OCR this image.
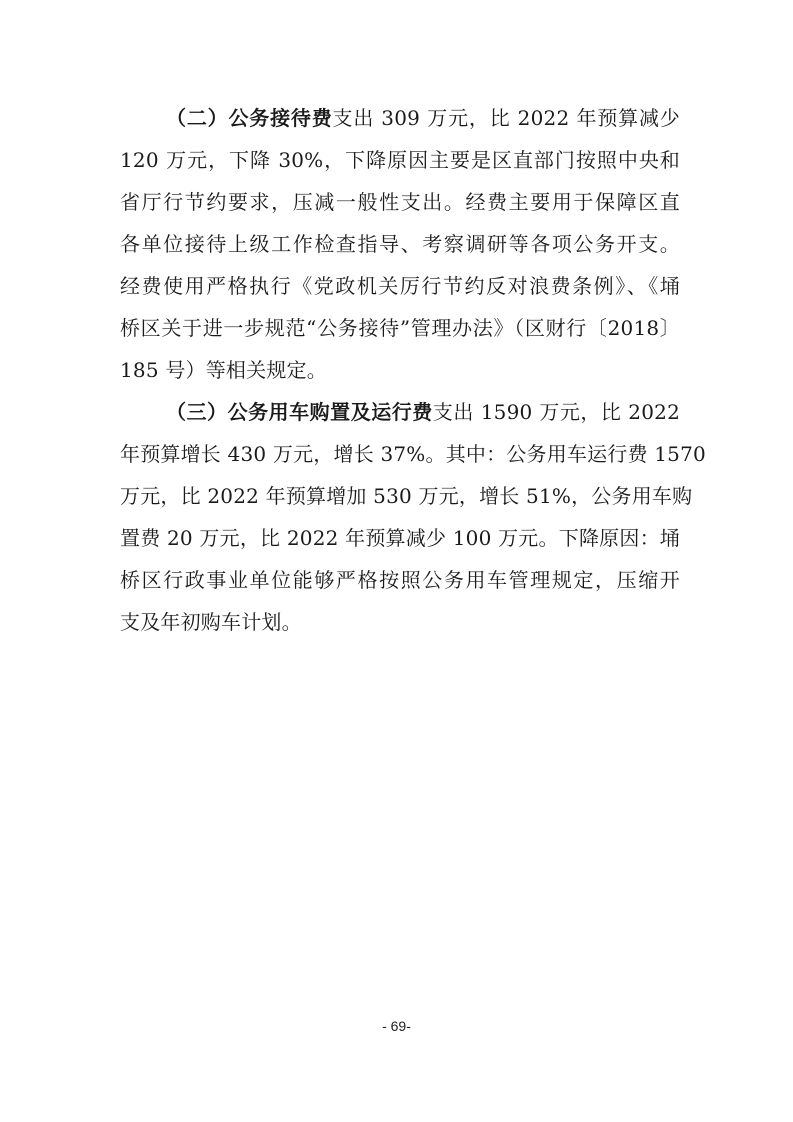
（二）公务接待费支出 309 万元，比 2022 年预算减少
120 万元，下降 30%，下降原因主要是区直部门按照中央和
省厅行节约要求，压减一般性支出。经费主要用于保障区直
各单位接待上级工作检查指导、考察调研等各项公务开支。
经费使用严格执行《党政机关厉行节约反对浪费条例》、《埇
桥区关于进一步规范“公务接待”管理办法》（区财行〔2018〕
185 号）等相关规定。
（三）公务用车购置及运行费支出 1590 万元，比 2022
年预算增长 430 万元，增长 37%。其中：公务用车运行费 1570
万元，比 2022 年预算增加 530 万元，增长 51%，公务用车购
置费 20 万元，比 2022 年预算减少 100 万元。下降原因：埇
桥区行政事业单位能够严格按照公务用车管理规定，压缩开
支及年初购车计划。
- 69-
